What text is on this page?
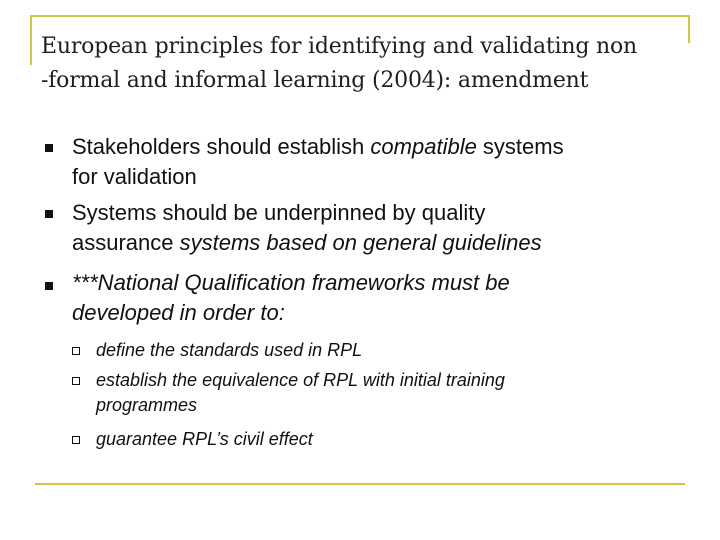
European principles for identifying and validating non
-formal and informal learning (2004): amendment
Stakeholders should establish compatible systems
for validation
Systems should be underpinned by quality
assurance systems based on general guidelines
***National Qualification frameworks must be
developed in order to:
define the standards used in RPL
establish the equivalence of RPL with initial training
programmes
guarantee RPL’s civil effect
